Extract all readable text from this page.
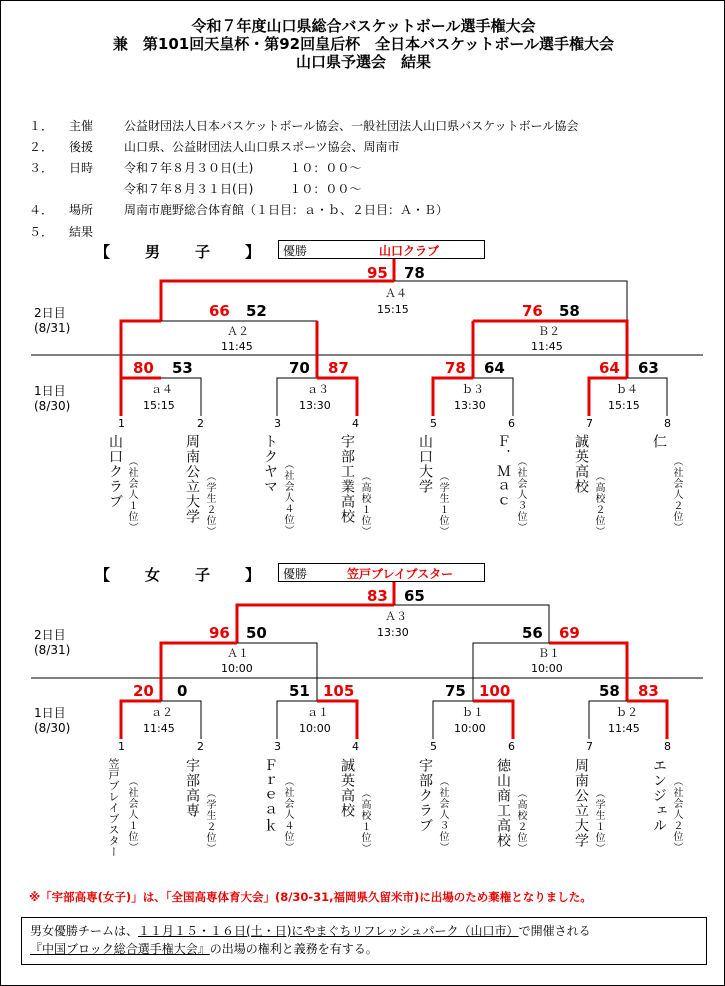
令和７年度山口県総合バスケットボール選手権大会
兼　第101回天皇杯・第92回皇后杯　全日本バスケットボール選手権大会
山口県予選会　結果
１． 主催	公益財団法人日本バスケットボール協会、一般社団法人山口県バスケットボール協会
２． 後援	山口県、公益財団法人山口県スポーツ協会、周南市
３． 日時	令和７年８月３０日(土)　　　１０：００～
令和７年８月３１日(日)　　　１０：００～
４． 場所	周南市鹿野総合体育館（１日目：ａ・ｂ、２日目：Ａ・Ｂ）
５． 結果
【　男　子　】 優勝	山口クラブ
【　女　子　】 優勝	笠戸ブレイブスター
2日目
(8/31)
1日目
(8/30)
2日目
(8/31)
1日目
(8/30)
95 78
Ａ４
15:15
66 52
Ａ２
11:45
76 58
Ｂ２
11:45
80 53
ａ４
15:15
70 87
ａ３
13:30
78 64
ｂ３
13:30
64 63
ｂ４
15:15
1
山口クラブ （社会人１位）
2
周南公立大学 （学生２位）
3
トクヤマ （社会人４位）
4
宇部工業高校 （高校１位）
5
山口大学
（学生１位）
6
Ｆ．Ｍａｃ （社会人３位）
7
誠英高校
（高校２位）
8
仁
（社会人２位）
83 65
Ａ３
13:30
96 50
Ａ１
10:00
56 69
Ｂ１
10:00
20 0
ａ２
11:45
51 105
ａ１
10:00
75 100
ｂ１
10:00
58 83
ｂ２
11:45
1
笠戸ブレイブスター （社会人１位）
2
宇部高専 （学生２位）
3
Ｆｒｅａｋ （社会人４位）
4
誠英高校 （高校１位）
5
宇部クラブ （社会人３位）
6
徳山商工高校 （高校２位）
7
周南公立大学 （学生１位）
8
エンジェル （社会人２位）
※「宇部高専(女子)」は、「全国高専体育大会」(8/30-31,福岡県久留米市)に出場のため棄権となりました。
男女優勝チームは、１１月１５・１６日(土・日)にやまぐちリフレッシュパーク（山口市）で開催される
『中国ブロック総合選手権大会』の出場の権利と義務を有する。
